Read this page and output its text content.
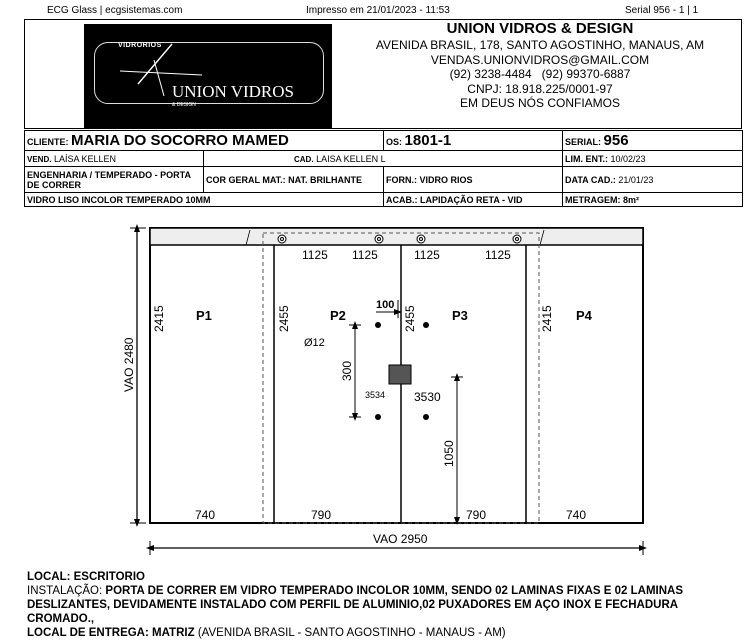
ECG Glass | ecgsistemas.com	Impresso em 21/01/2023 - 11:53	Serial 956 - 1 | 1
VIDRORIOS
UNION VIDROS
& DESIGN
UNION VIDROS & DESIGN
AVENIDA BRASIL, 178, SANTO AGOSTINHO, MANAUS, AM
VENDAS.UNIONVIDROS@GMAIL.COM
(92) 3238-4484   (92) 99370-6887
CNPJ: 18.918.225/0001-97
EM DEUS NÓS CONFIAMOS
CLIENTE: MARIA DO SOCORRO MAMED		OS: 1801-1	SERIAL: 956
VEND. LAÍSA KELLEN	CAD. LAISA KELLEN L		LIM. ENT.: 10/02/23
ENGENHARIA / TEMPERADO - PORTA DE CORRER	COR GERAL MAT.: NAT. BRILHANTE	FORN.: VIDRO RIOS	DATA CAD.: 21/01/23
VIDRO LISO INCOLOR TEMPERADO 10MM		ACAB.: LAPIDAÇÃO RETA - VID	METRAGEM: 8m²
1125 1125	1125	1125
P1	P2	P3	P4
2415	2455	2455	2415
100
Ø12
300
3534 3530
1050
740	790	790	740
VAO 2480
VAO 2950
LOCAL: ESCRITORIO
INSTALAÇÃO: PORTA DE CORRER EM VIDRO TEMPERADO INCOLOR 10MM, SENDO 02 LAMINAS FIXAS E 02 LAMINAS DESLIZANTES, DEVIDAMENTE INSTALADO COM PERFIL DE ALUMINIO,02 PUXADORES EM AÇO INOX E FECHADURA CROMADO.,
LOCAL DE ENTREGA: MATRIZ (AVENIDA BRASIL - SANTO AGOSTINHO - MANAUS - AM)
